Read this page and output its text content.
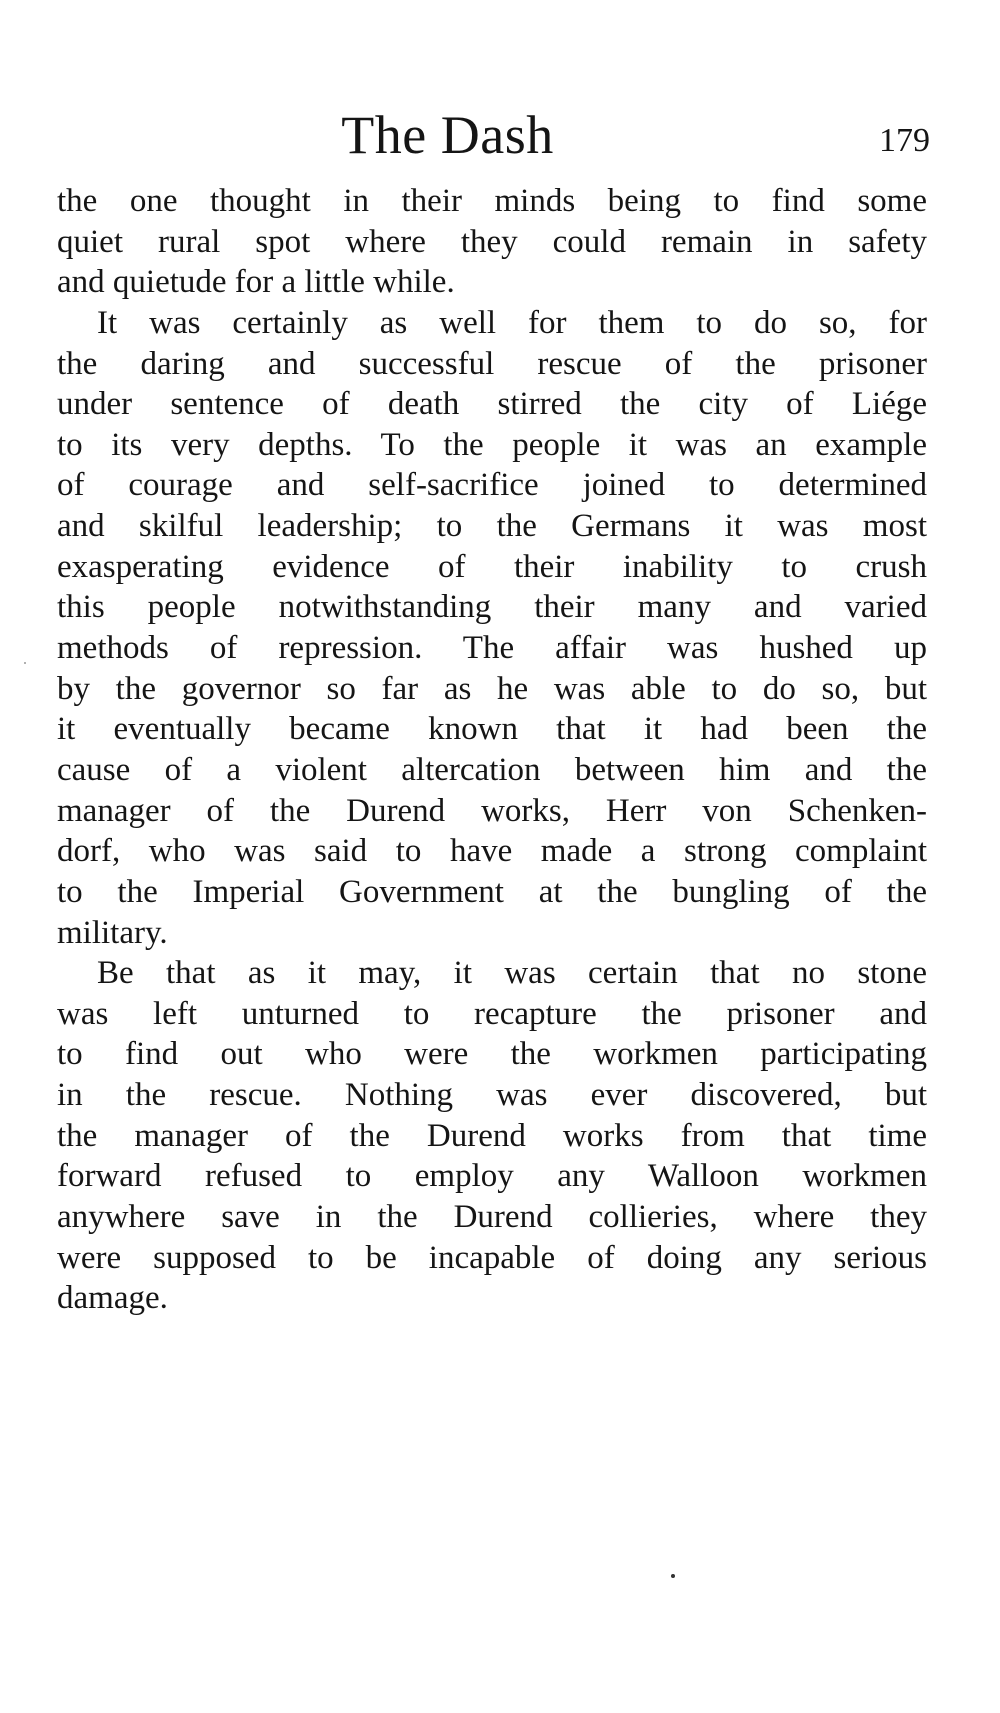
The Dash	179
the one thought in their minds being to find some
quiet rural spot where they could remain in safety
and quietude for a little while.
It was certainly as well for them to do so, for
the daring and successful rescue of the prisoner
under sentence of death stirred the city of Liége
to its very depths. To the people it was an example
of courage and self-sacrifice joined to determined
and skilful leadership; to the Germans it was most
exasperating evidence of their inability to crush
this people notwithstanding their many and varied
methods of repression. The affair was hushed up
by the governor so far as he was able to do so, but
it eventually became known that it had been the
cause of a violent altercation between him and the
manager of the Durend works, Herr von Schenken-
dorf, who was said to have made a strong complaint
to the Imperial Government at the bungling of the
military.
Be that as it may, it was certain that no stone
was left unturned to recapture the prisoner and
to find out who were the workmen participating
in the rescue. Nothing was ever discovered, but
the manager of the Durend works from that time
forward refused to employ any Walloon workmen
anywhere save in the Durend collieries, where they
were supposed to be incapable of doing any serious
damage.
